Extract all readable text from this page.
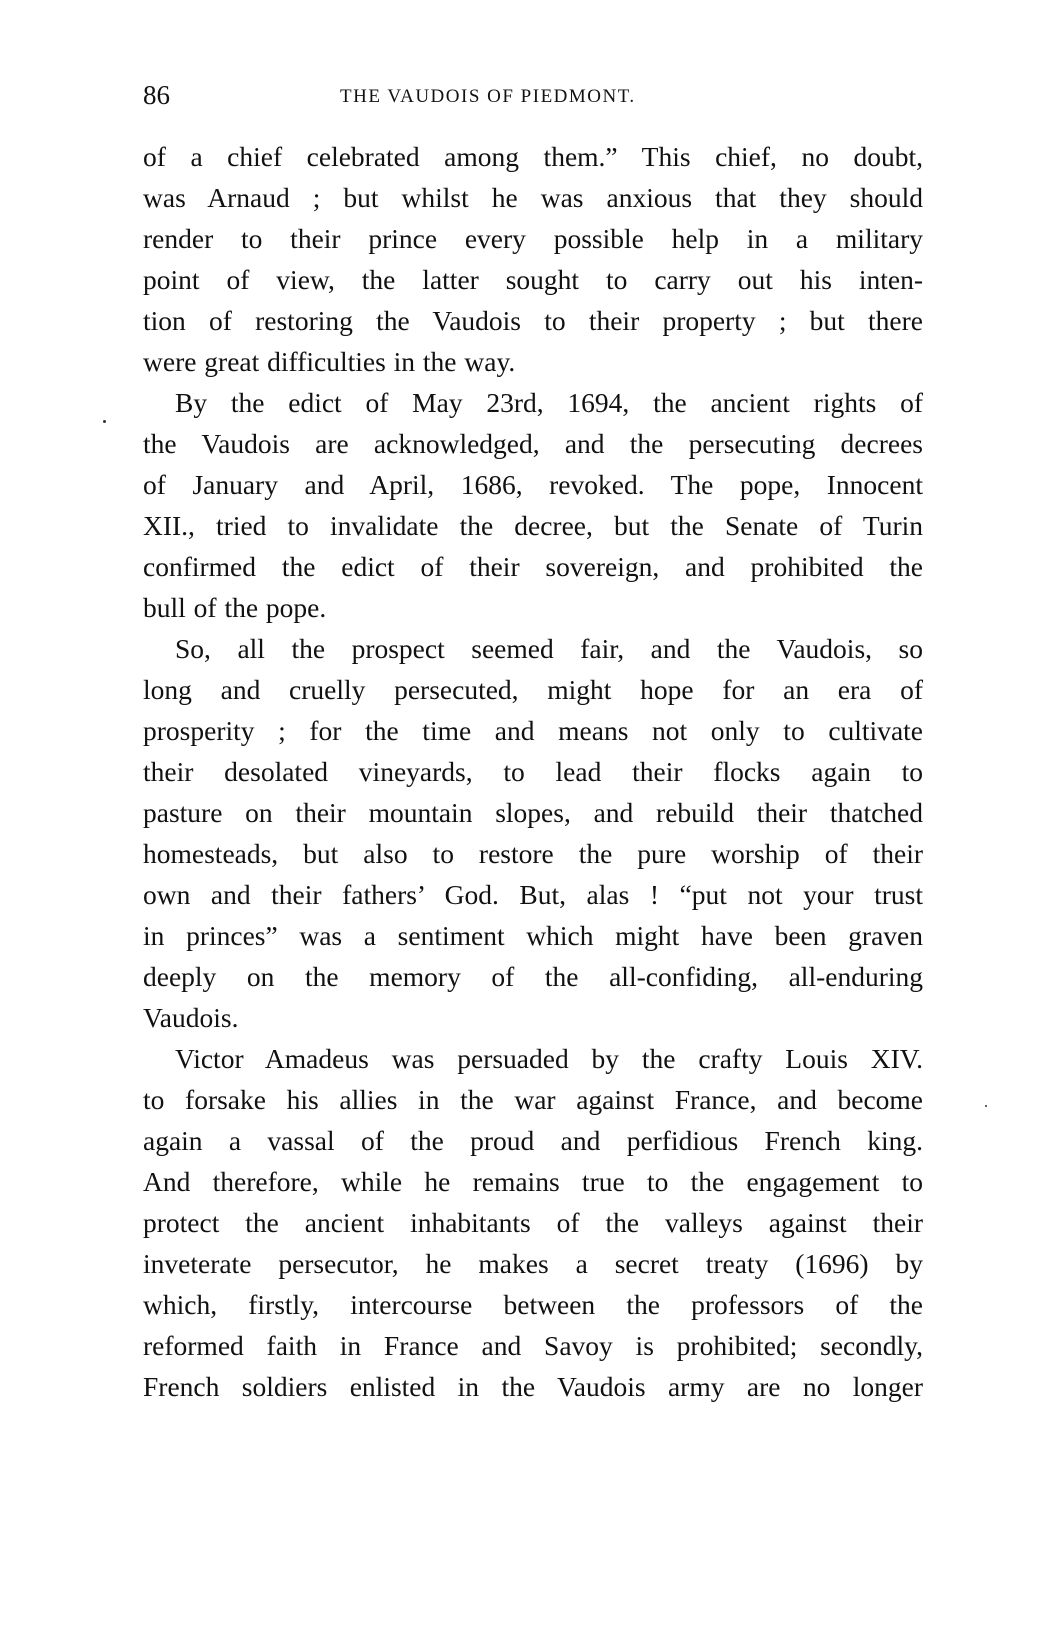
86	THE VAUDOIS OF PIEDMONT.
of a chief celebrated among them.” This chief, no doubt,
was Arnaud ; but whilst he was anxious that they should
render to their prince every possible help in a military
point of view, the latter sought to carry out his inten-
tion of restoring the Vaudois to their property ; but there
were great difficulties in the way.
By the edict of May 23rd, 1694, the ancient rights of
the Vaudois are acknowledged, and the persecuting decrees
of January and April, 1686, revoked. The pope, Innocent
XII., tried to invalidate the decree, but the Senate of Turin
confirmed the edict of their sovereign, and prohibited the
bull of the pope.
So, all the prospect seemed fair, and the Vaudois, so
long and cruelly persecuted, might hope for an era of
prosperity ; for the time and means not only to cultivate
their desolated vineyards, to lead their flocks again to
pasture on their mountain slopes, and rebuild their thatched
homesteads, but also to restore the pure worship of their
own and their fathers’ God. But, alas ! “put not your trust
in princes” was a sentiment which might have been graven
deeply on the memory of the all-confiding, all-enduring
Vaudois.
Victor Amadeus was persuaded by the crafty Louis XIV.
to forsake his allies in the war against France, and become
again a vassal of the proud and perfidious French king.
And therefore, while he remains true to the engagement to
protect the ancient inhabitants of the valleys against their
inveterate persecutor, he makes a secret treaty (1696) by
which, firstly, intercourse between the professors of the
reformed faith in France and Savoy is prohibited; secondly,
French soldiers enlisted in the Vaudois army are no longer
